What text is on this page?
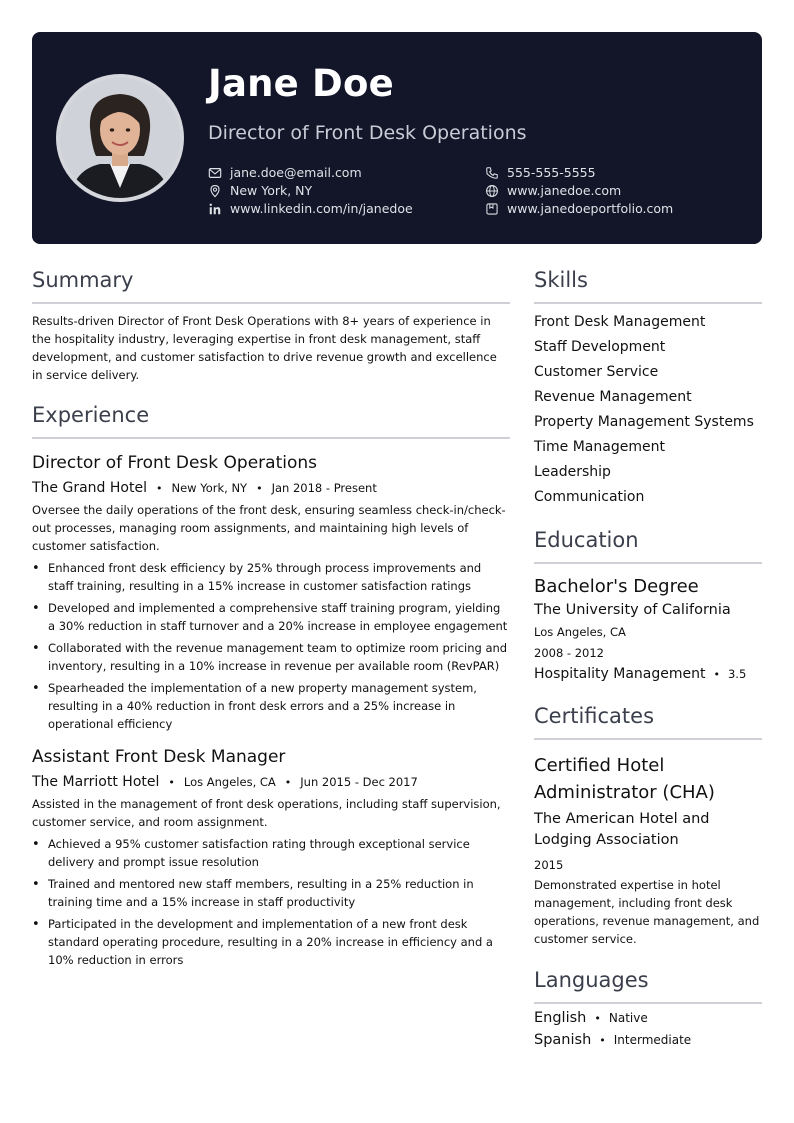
Jane Doe
Director of Front Desk Operations
jane.doe@email.com	555-555-5555
New York, NY	www.janedoe.com
www.linkedin.com/in/janedoe	www.janedoeportfolio.com
Summary
Results-driven Director of Front Desk Operations with 8+ years of experience in the hospitality industry, leveraging expertise in front desk management, staff development, and customer satisfaction to drive revenue growth and excellence in service delivery.
Experience
Director of Front Desk Operations
The Grand Hotel • New York, NY • Jan 2018 - Present
Oversee the daily operations of the front desk, ensuring seamless check-in/check-out processes, managing room assignments, and maintaining high levels of customer satisfaction.
• Enhanced front desk efficiency by 25% through process improvements and staff training, resulting in a 15% increase in customer satisfaction ratings
• Developed and implemented a comprehensive staff training program, yielding a 30% reduction in staff turnover and a 20% increase in employee engagement
• Collaborated with the revenue management team to optimize room pricing and inventory, resulting in a 10% increase in revenue per available room (RevPAR)
• Spearheaded the implementation of a new property management system, resulting in a 40% reduction in front desk errors and a 25% increase in operational efficiency
Assistant Front Desk Manager
The Marriott Hotel • Los Angeles, CA • Jun 2015 - Dec 2017
Assisted in the management of front desk operations, including staff supervision, customer service, and room assignment.
• Achieved a 95% customer satisfaction rating through exceptional service delivery and prompt issue resolution
• Trained and mentored new staff members, resulting in a 25% reduction in training time and a 15% increase in staff productivity
• Participated in the development and implementation of a new front desk standard operating procedure, resulting in a 20% increase in efficiency and a 10% reduction in errors
Skills
Front Desk Management
Staff Development
Customer Service
Revenue Management
Property Management Systems
Time Management
Leadership
Communication
Education
Bachelor's Degree
The University of California
Los Angeles, CA
2008 - 2012
Hospitality Management • 3.5
Certificates
Certified Hotel Administrator (CHA)
The American Hotel and Lodging Association
2015
Demonstrated expertise in hotel management, including front desk operations, revenue management, and customer service.
Languages
English • Native
Spanish • Intermediate
